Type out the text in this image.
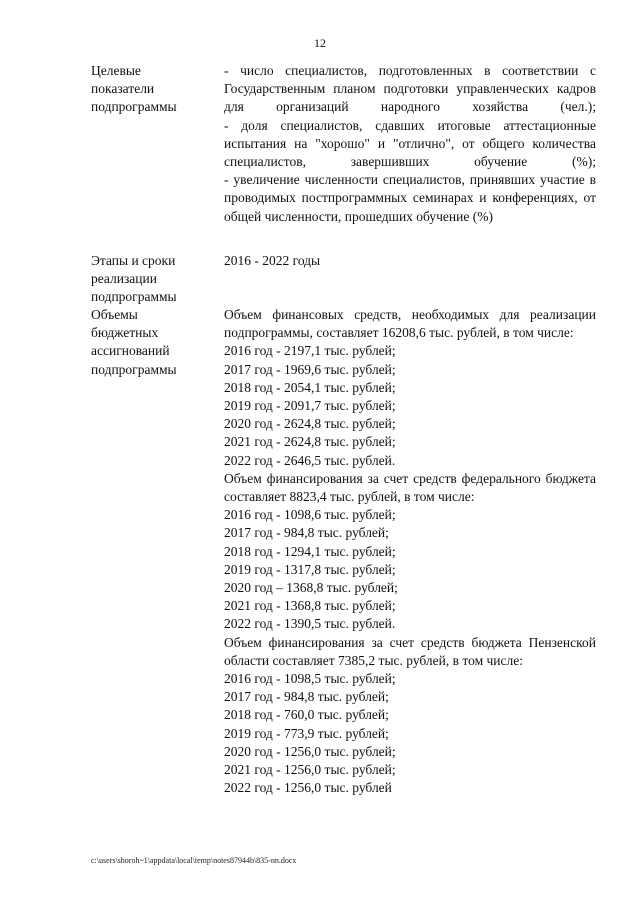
12
Целевые
показатели
подпрограммы
- число специалистов, подготовленных в соответствии с Государственным планом подготовки управленческих кадров для организаций народного хозяйства (чел.);
- доля специалистов, сдавших итоговые аттестационные испытания на "хорошо" и "отлично", от общего количества специалистов, завершивших обучение (%);
- увеличение численности специалистов, принявших участие в проводимых постпрограммных семинарах и конференциях, от общей численности, прошедших обучение (%)
Этапы и сроки
реализации
подпрограммы
2016 - 2022 годы
Объемы
бюджетных
ассигнований
подпрограммы
Объем финансовых средств, необходимых для реализации подпрограммы, составляет 16208,6 тыс. рублей, в том числе:
2016 год - 2197,1 тыс. рублей;
2017 год - 1969,6 тыс. рублей;
2018 год - 2054,1 тыс. рублей;
2019 год - 2091,7 тыс. рублей;
2020 год - 2624,8 тыс. рублей;
2021 год - 2624,8 тыс. рублей;
2022 год - 2646,5 тыс. рублей.
Объем финансирования за счет средств федерального бюджета составляет 8823,4 тыс. рублей, в том числе:
2016 год - 1098,6 тыс. рублей;
2017 год - 984,8 тыс. рублей;
2018 год - 1294,1 тыс. рублей;
2019 год - 1317,8 тыс. рублей;
2020 год – 1368,8 тыс. рублей;
2021 год - 1368,8 тыс. рублей;
2022 год - 1390,5 тыс. рублей.
Объем финансирования за счет средств бюджета Пензенской области составляет 7385,2 тыс. рублей, в том числе:
2016 год - 1098,5 тыс. рублей;
2017 год - 984,8 тыс. рублей;
2018 год - 760,0 тыс. рублей;
2019 год - 773,9 тыс. рублей;
2020 год - 1256,0 тыс. рублей;
2021 год - 1256,0 тыс. рублей;
2022 год - 1256,0 тыс. рублей
c:\users\shoroh~1\appdata\local\temp\notes87944b\835-nn.docx
